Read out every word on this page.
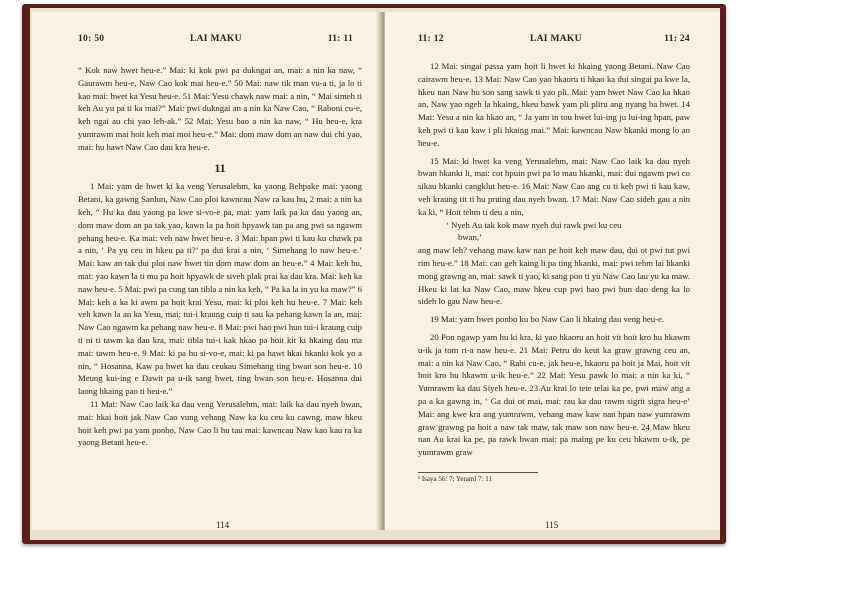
10: 50	LAI MAKU	11: 11

“ Kok naw hwet heu-e.” Mai: ki kok pwi pa dukngai an, mai: a nin ka naw, “ Gaurawm heu-e, Naw Cao kok mai heu-e.” 50 Mai: naw tik man vu-a ti, ja lo ti kao mai: hwet ka Yesu heu-e. 51 Mai: Yesu chawk naw mai: a nin, “ Mai simeh ti keh Au yu pa ti ka mai?” Mai: pwi dukngai an a nin ka Naw Cao, “ Raboni cu-e, keh ngai au chi yao leh-ak.” 52 Mai: Yesu bao a nin ka naw, “ Hu heu-e, kra yumrawm mai hoit keh mai moi heu-e.” Mai: dom maw dom an naw dui chi yao, mai: hu hawt Naw Cao dau kra heu-e.

11

1 Mai: yam de hwet ki ka veng Yerusalehm, ka yaong Behpake mai: yaong Betani, ka gawng Sanlun, Naw Cao ploi kawncau Naw ra kau hu, 2 mai: a nin ka keh, “ Hu ka dau yaong pa kwe si-vo-e pa, mai: yam laik pa ka dau yaong an, dom maw dom an pa tak yao, kawn la pa hoit hpyawk tan pa ang pwi sa ngawm pehang heu-e. Ka mai: veh naw hwet heu-e. 3 Mai: hpan pwi ti kau ku chawk pa a nin, ‘ Pa yu ceu in hkeu pa ti?’ pa dui krai a nin, ‘ Simehang lo naw heu-e.’ Mai: kaw an tak dui ploi naw hwet tin dom maw dom an heu-e.” 4 Mai: keh hu, mai: yao kawn la ti mu pa hoit hpyawk de siveh plak prai ka dau kra. Mai: keh ka naw heu-e. 5 Mai: pwi pa cung tan tibla a nin ka keh, “ Pa ka la in yu ka maw?” 6 Mai: keh a ka ki awm pa hoit krai Yesu, mai: ki ploi keh hu heu-e. 7 Mai: keh veh kawn la an ka Yesu, mai: tui-i kraung cuip ti sau ka pehang kawn la an, mai: Naw Cao ngawm ka pehang naw heu-e. 8 Mai: pwi hao pwi hun tui-i kraung cuip ti ni ti tawm ka dau kra, mai: tibla tui-i kak hkao pa hoit kit ki hkaing dau ma mai: tawm heu-e. 9 Mai: ki pa hu si-vo-e, mai: ki pa hawt hkai hkanki kok yo a nin, “ Hosanna, Kaw pa hwet ka dau ceukau Simehang ting bwan son heu-e. 10 Meung kui-ing e Dawit pa u-ik sang hwet, ting bwan son heu-e. Hosanna dui laong hkaing pao ti heu-e.”

11 Mai: Naw Cao laik ka dau veng Yerusalehm, mai: laik ka dau nyeh bwan, mai: hkai hoit jak Naw Cao vung vehang Naw ka ku ceu ku cawng, maw hkeu hoit keh pwi pa yam ponbo, Naw Cao li hu tau mai: kawncau Naw kao kau ra ka yaong Betani heu-e.

114
11: 12	LAI MAKU	11: 24

12 Mai: singai passa yam hoit li hwet ki hkaing yaong Betani. Naw Cao cairawm heu-e. 13 Mai: Naw Cao yao hkaoru ti hkao ka dui singai pa kwe la, hkeu nan Naw hu son sang sawk ti yao pli. Mai: yam hwet Naw Cao ka hkao an, Naw yao ngeh la hkaing, hkeu bawk yam pli pliru ang nyang ba hwet. 14 Mai: Yesu a nin ka hkao an, “ Ja yam in tou hwet lui-ing ju lui-ing hpan, paw keh pwi ti kau kaw i pli hkaing mai.” Mai: kawncau Naw hkanki mong lo an heu-e.

15 Mai: ki hwet ka veng Yerusalehm, mai: Naw Cao laik ka dau nyeh bwan hkanki li, mai: cot hpuin pwi pa lo mau hkanki, mai: dui ngawm pwi co sikau hkanki cangklut heu-e. 16 Mai: Naw Cao ang cu ti keh pwi ti kau kaw, veh kraung tit ti hu pruing dau nyeh bwan. 17 Mai: Naw Cao sideh gau a nin ka ki, “ Hoit tehm ti deu a nin,

‘ Nyeh Au tak kok maw nyeh dui rawk pwi ku ceu

bwan,’

ang maw leh? vehang maw kaw nan pe hoit keh maw dau, dui ot pwi tut pwi rim heu-e.” 18 Mai: cao geh kaing li pa ting hkanki, mai: pwi tehm lai hkanki mong grawng an, mai: sawk ti yao, ki sang pon ti yu Naw Cao lau yu ka maw. Hkeu ki lat ka Naw Cao, maw hkeu cup pwi hao pwi hun dao deng ka lo sideh lo gau Naw heu-e.

19 Mai: yam hwet ponbo ku bo Naw Cao li hkaing dau veng heu-e.

20 Pon ngawp yam hu ki kra, ki yao hkaoru an hoit vit hoit kro hu hkawm u-ik ja tom ri-a naw heu-e. 21 Mai: Petru do keut ka graw grawng ceu an, mai: a nin ka Naw Cao, “ Rabi cu-e, jak heu-e, hkaoru pa hoit ja Mai, hoit vit hoit kro hu hkawm u-ik heu-e.” 22 Mai: Yesu pawk lo mai: a nin ka ki, “ Yumrawm ka dau Siyeh heu-e. 23 Au krai lo tete telai ka pe, pwi maw ang a pa a ka gawng in, ‘ Ga dui ot mai, mai: rau ka dau rawm sigrit sigra heu-e’ Mai: ang kwe kra ang yumrawm, vehang maw kaw nan hpan naw yumrawm graw grawng pa hoit a naw tak maw, tak maw son naw heu-e. 24 Maw hkeu nan Au krai ka pe, pa rawk bwan mai: pa maing pe ku ceu hkawm u-ik, pe yumrawm graw

¹ Isaya 56: 7; Yeraml 7: 11
115
